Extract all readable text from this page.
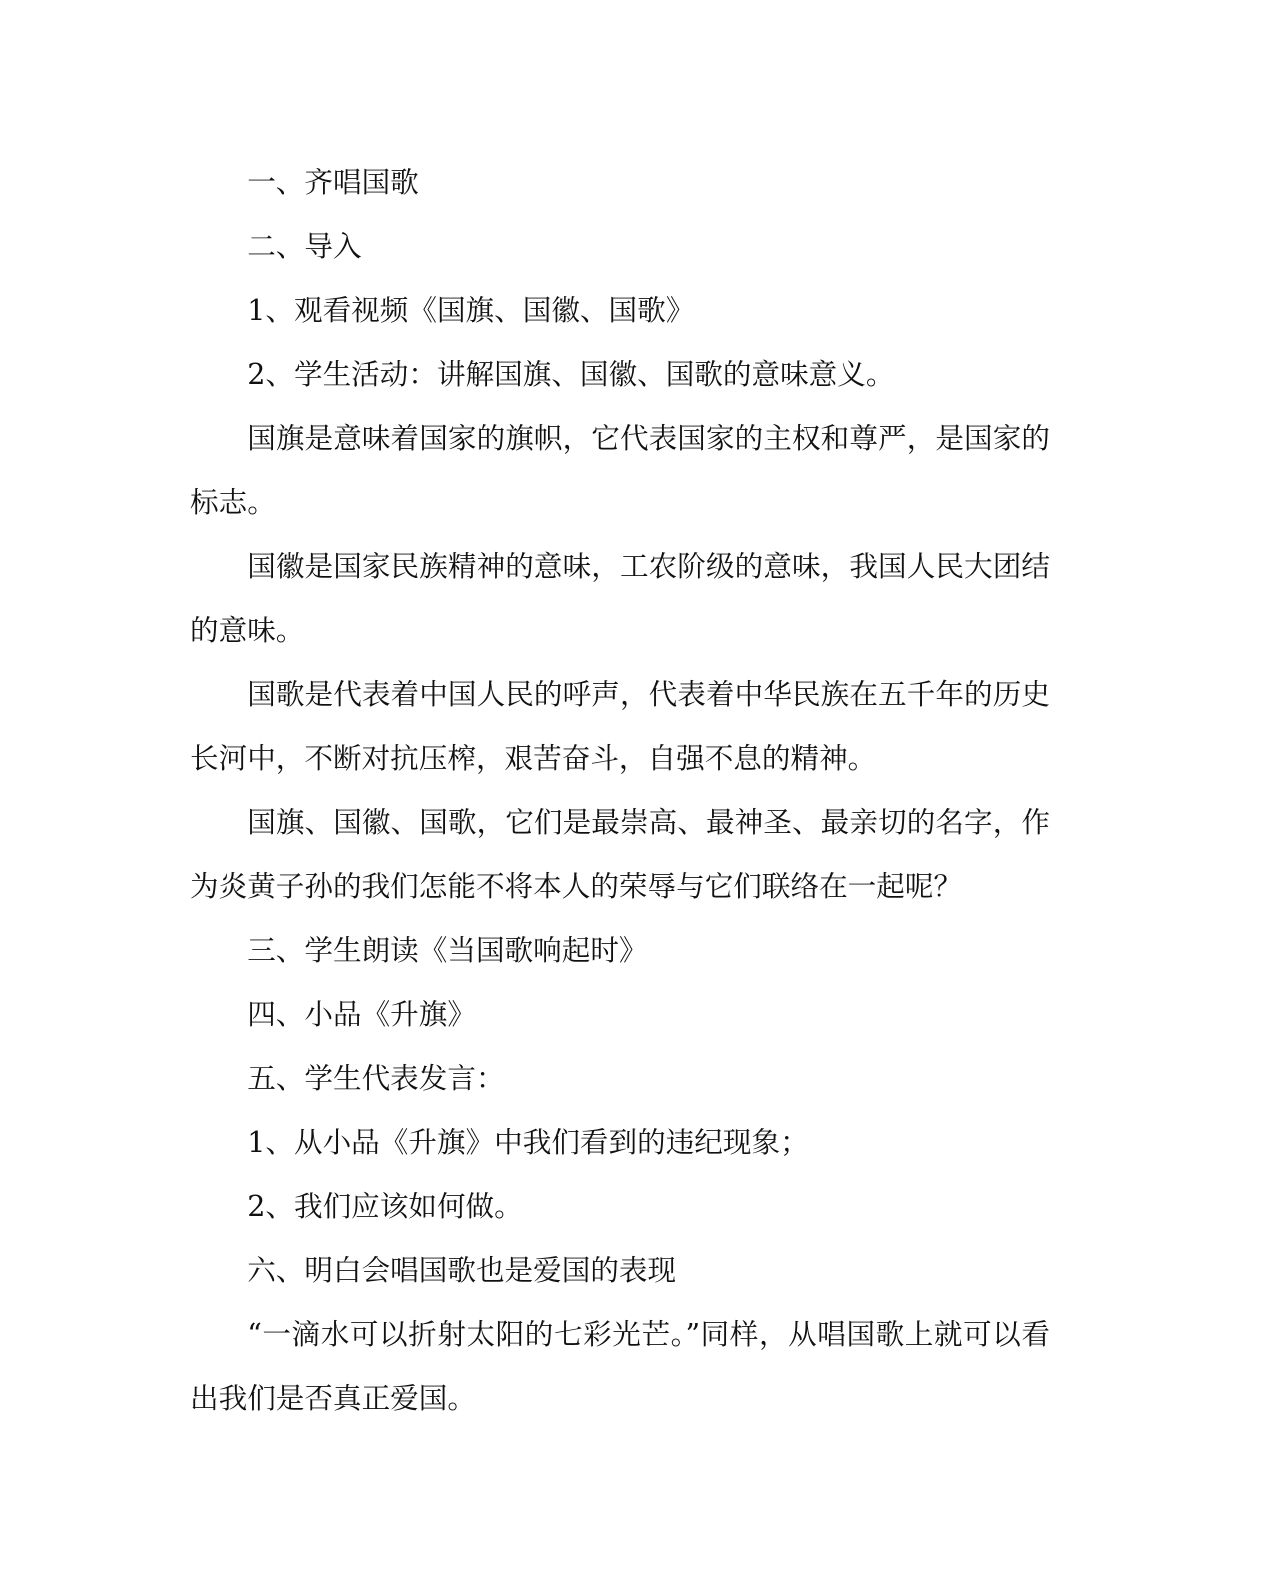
一、齐唱国歌

二、导入

1、观看视频《国旗、国徽、国歌》

2、学生活动：讲解国旗、国徽、国歌的意味意义。

国旗是意味着国家的旗帜，它代表国家的主权和尊严，是国家的标志。

国徽是国家民族精神的意味，工农阶级的意味，我国人民大团结的意味。

国歌是代表着中国人民的呼声，代表着中华民族在五千年的历史长河中，不断对抗压榨，艰苦奋斗，自强不息的精神。

国旗、国徽、国歌，它们是最崇高、最神圣、最亲切的名字，作为炎黄子孙的我们怎能不将本人的荣辱与它们联络在一起呢？

三、学生朗读《当国歌响起时》

四、小品《升旗》

五、学生代表发言：

1、从小品《升旗》中我们看到的违纪现象；

2、我们应该如何做。

六、明白会唱国歌也是爱国的表现

“一滴水可以折射太阳的七彩光芒。”同样，从唱国歌上就可以看出我们是否真正爱国。
